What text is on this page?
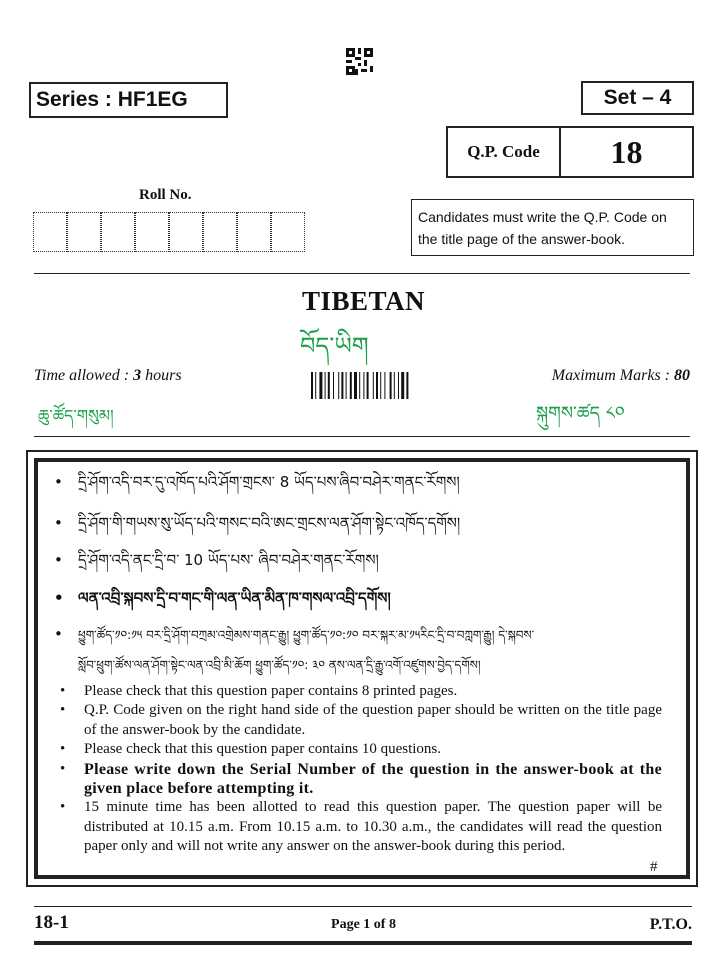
Series : HF1EG	Set – 4
Q.P. Code	18
Roll No.
Candidates must write the Q.P. Code on the title page of the answer-book.
TIBETAN
བོད་ཡིག
Time allowed : 3 hours
ཆུ་ཚོད་གསུམ།
Maximum Marks : 80
སྐུགས་ཚད ༨༠
• དྲི་ཤོག་འདི་བར་དུ་འཁོད་པའི་ཤོག་གྲངས་ 8 ཡོད་པས་ཞིབ་བཤེར་གནང་རོགས།
• དྲི་ཤོག་གི་གཡས་སུ་ཡོད་པའི་གསང་བའི་ཨང་གྲངས་ལན་ཤོག་སྟེང་འཁོད་དགོས།
• དྲི་ཤོག་འདི་ནང་དྲི་བ་ 10 ཡོད་པས་ ཞིབ་བཤེར་གནང་རོགས།
• ལན་འབྲི་སྐབས་དྲི་བ་གང་གི་ལན་ཡིན་མིན་ཁ་གསལ་འབྲི་དགོས།
• ཕྱུག་ཚོད་༡༠:༡༥ བར་དྲི་ཤོག་བཀྲམ་འགྲེམས་གནང་རྒྱུ། ཕྱུག་ཚོད་༡༠:༡༠ བར་སྐར་མ་༡༥རིང་དྲི་བ་བཀླག་རྒྱུ། དེ་སྐབས་
སློབ་ཕྲུག་ཚོས་ལན་ཤོག་སྟེང་ལན་འབྲི་མི་ཆོག ཕྱུག་ཚོད་༡༠: ༣༠ ནས་ལན་དྲི་རྒྱུ་འགོ་འཛུགས་བྱེད་དགོས།
•	Please check that this question paper contains 8 printed pages.
•	Q.P. Code given on the right hand side of the question paper should be written on the title page of the answer-book by the candidate.
•	Please check that this question paper contains 10 questions.
•	Please write down the Serial Number of the question in the answer-book at the given place before attempting it.
•	15 minute time has been allotted to read this question paper. The question paper will be distributed at 10.15 a.m. From 10.15 a.m. to 10.30 a.m., the candidates will read the question paper only and will not write any answer on the answer-book during this period.
#
18-1	Page 1 of 8	P.T.O.
